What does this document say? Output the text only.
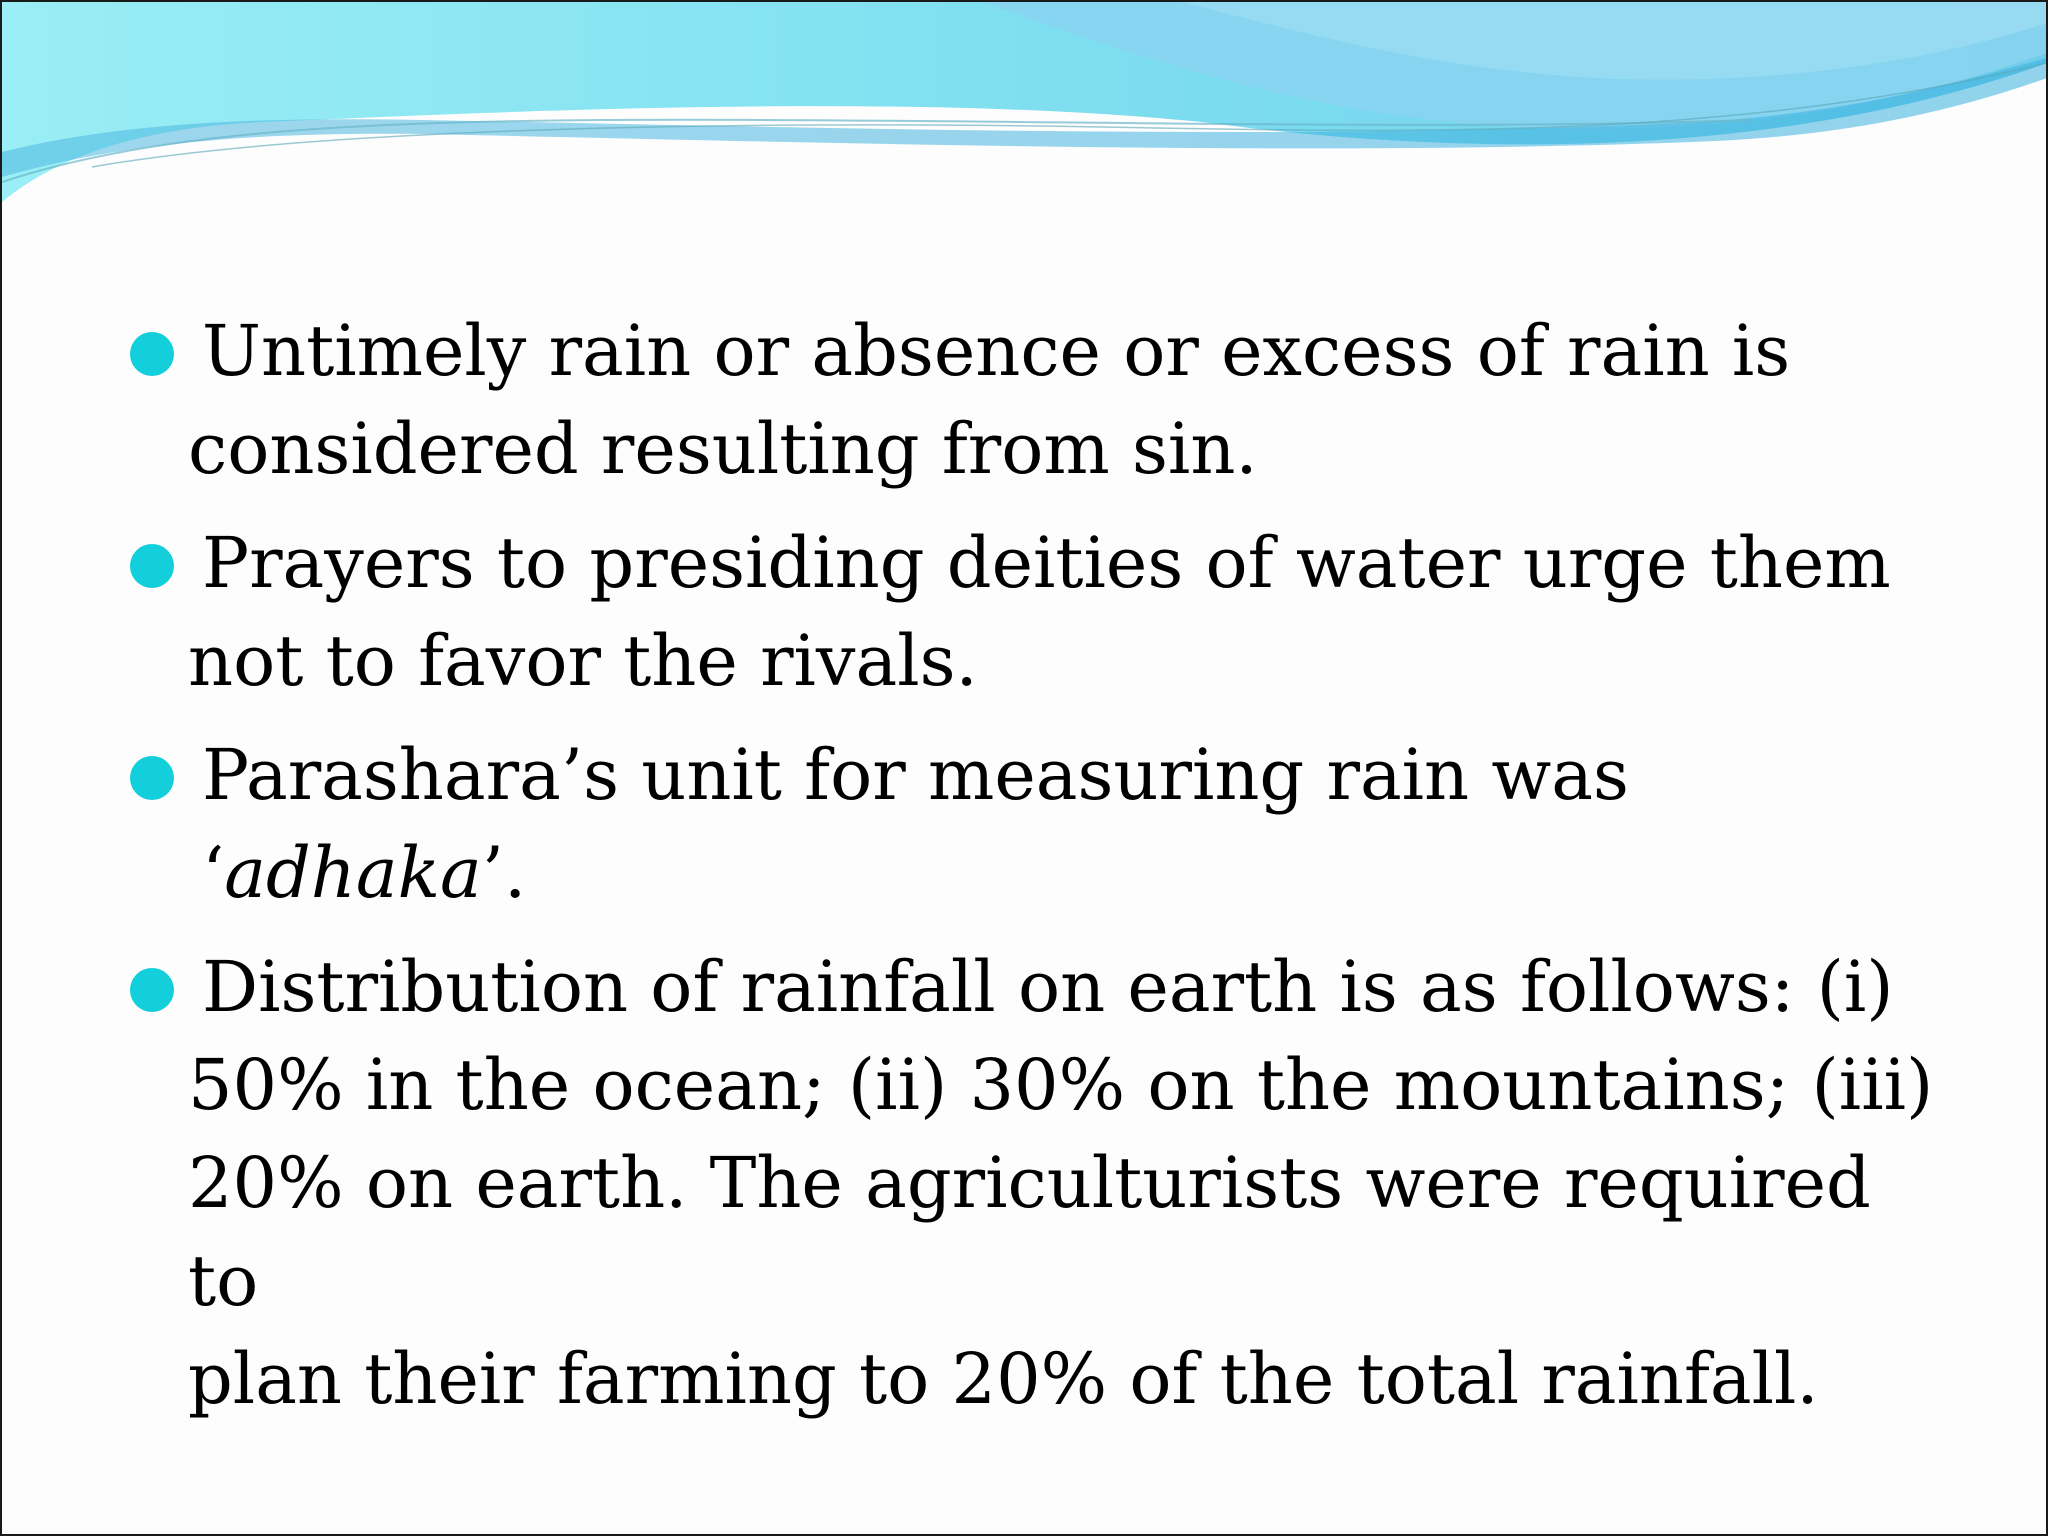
Untimely rain or absence or excess of rain is
considered resulting from sin.
Prayers to presiding deities of water urge them
not to favor the rivals.
Parashara’s unit for measuring rain was ‘adhaka’.
Distribution of rainfall on earth is as follows: (i)
50% in the ocean; (ii) 30% on the mountains; (iii)
20% on earth. The agriculturists were required to
plan their farming to 20% of the total rainfall.
